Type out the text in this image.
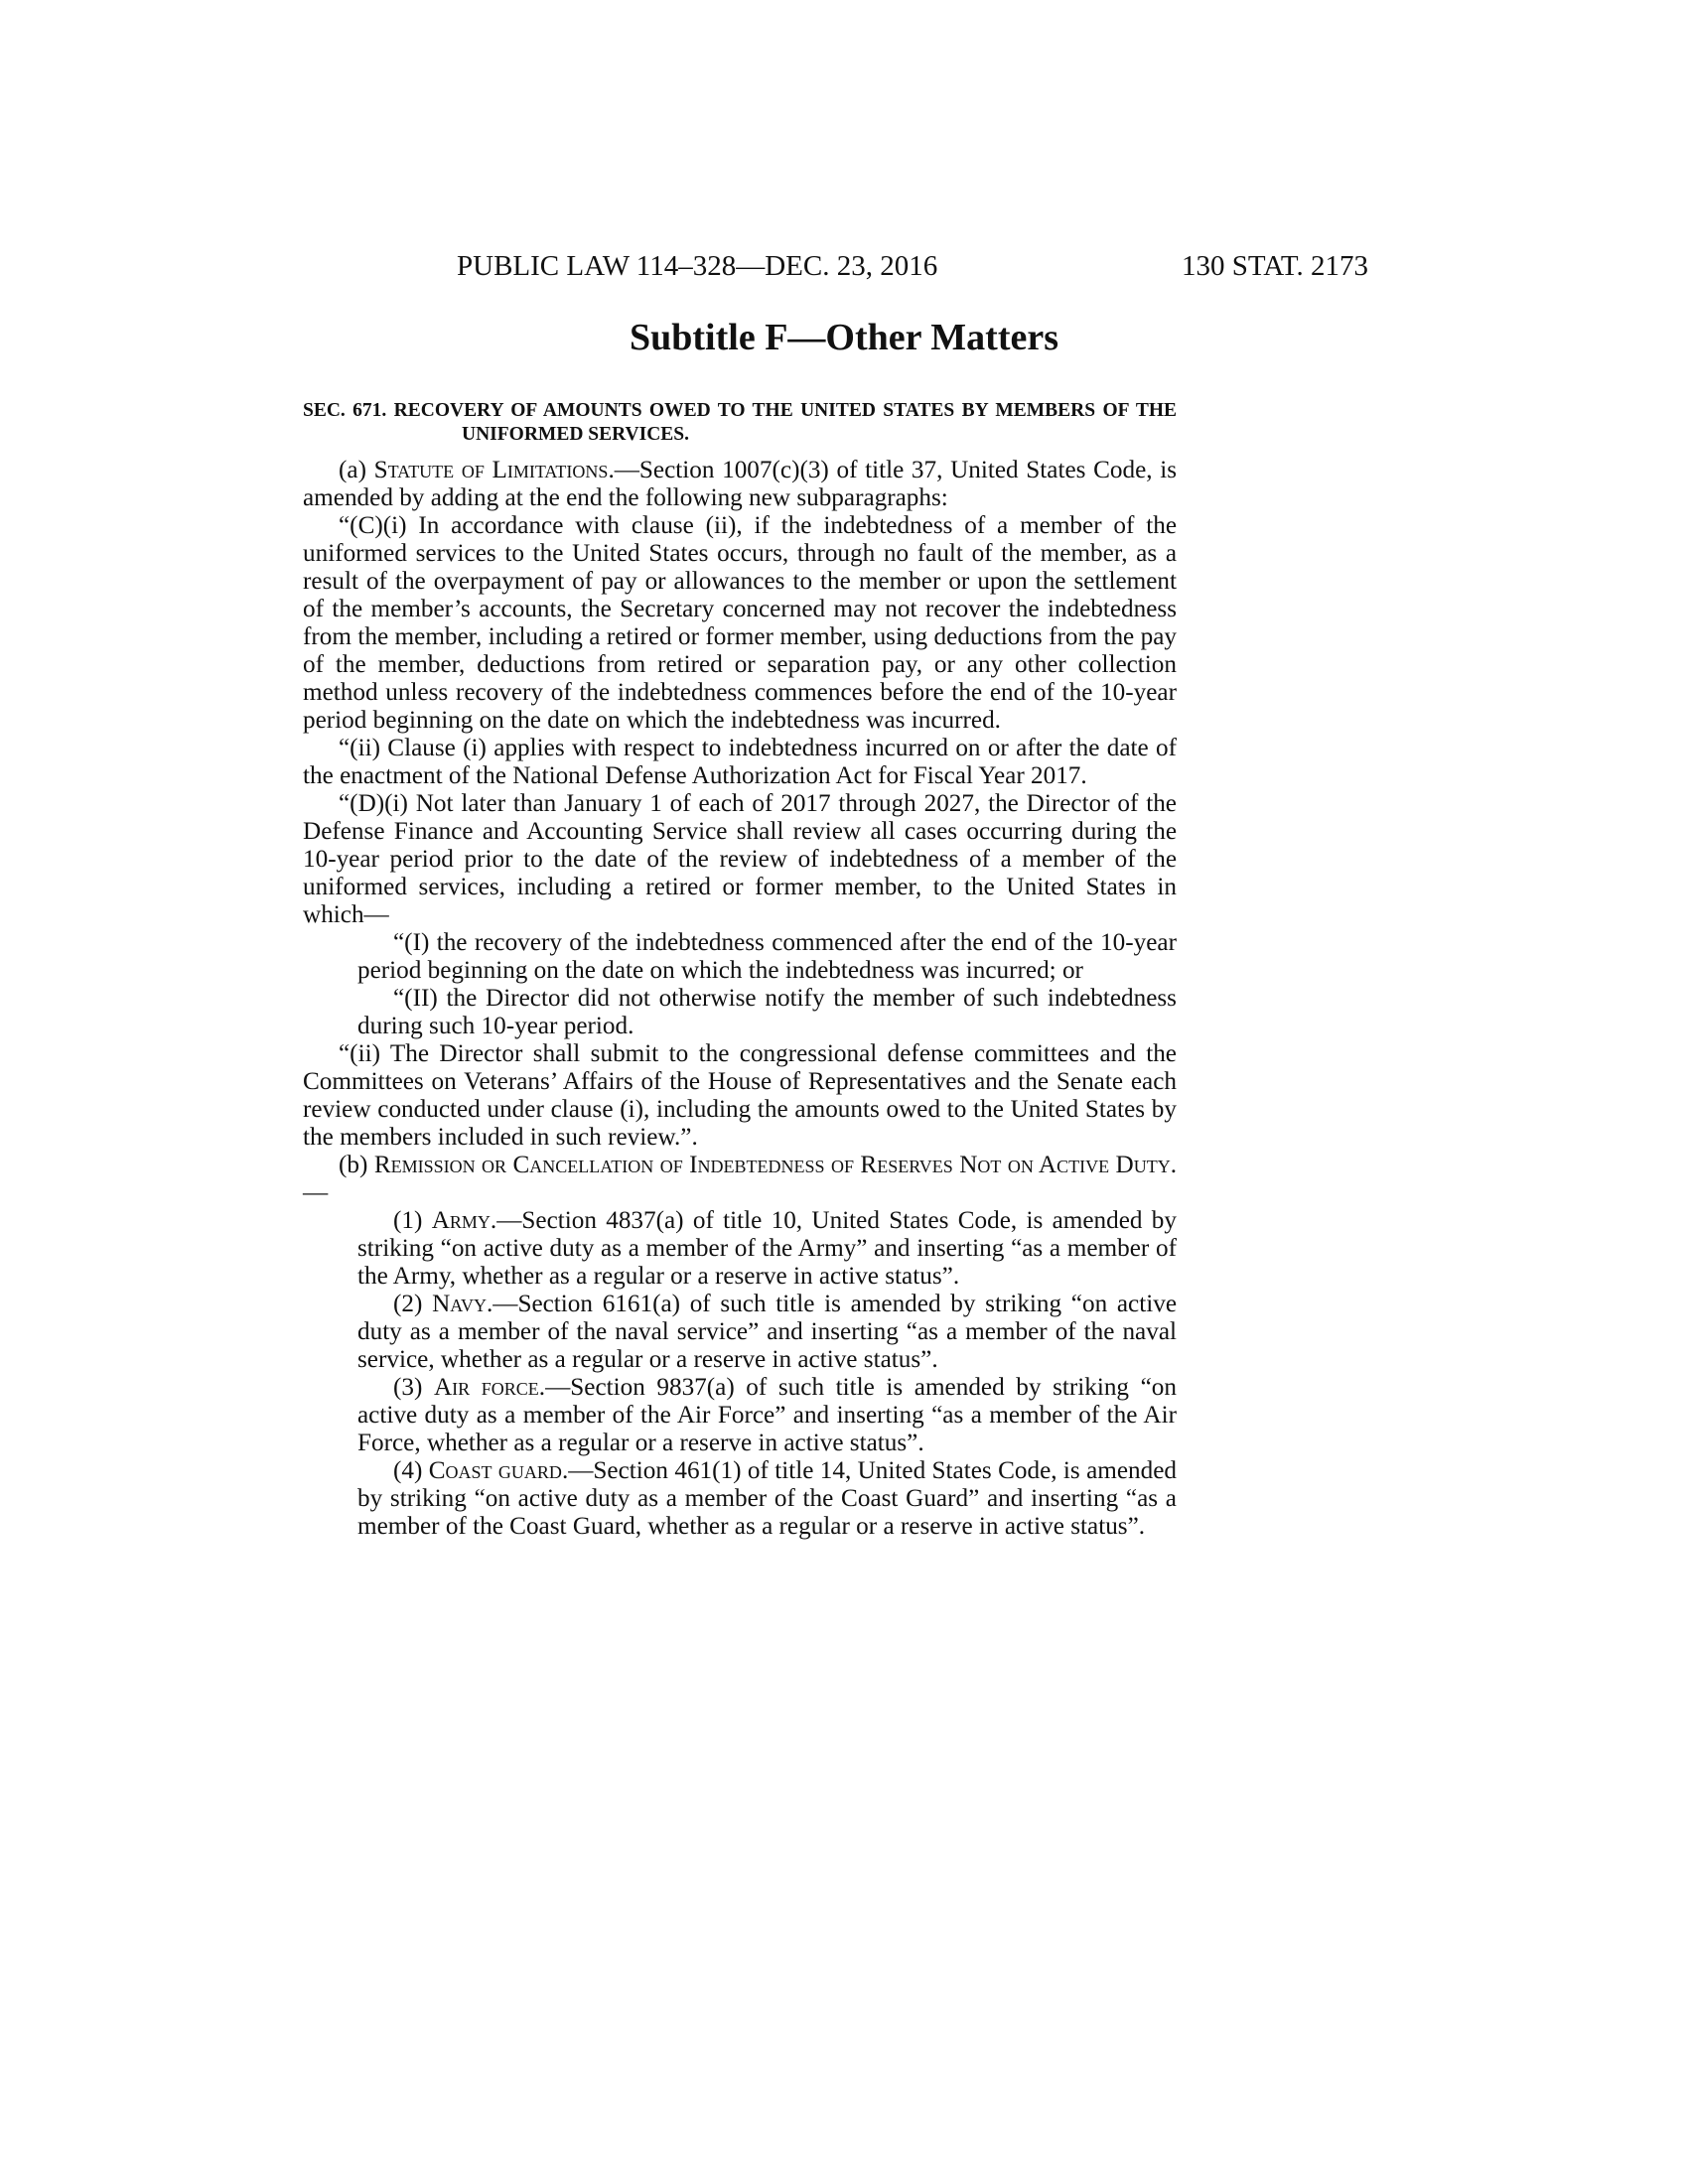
PUBLIC LAW 114–328—DEC. 23, 2016	130 STAT. 2173
Subtitle F—Other Matters

SEC. 671. RECOVERY OF AMOUNTS OWED TO THE UNITED STATES BY MEMBERS OF THE UNIFORMED SERVICES.

(a) Statute of Limitations.—Section 1007(c)(3) of title 37, United States Code, is amended by adding at the end the following new subparagraphs:

“(C)(i) In accordance with clause (ii), if the indebtedness of a member of the uniformed services to the United States occurs, through no fault of the member, as a result of the overpayment of pay or allowances to the member or upon the settlement of the member’s accounts, the Secretary concerned may not recover the indebtedness from the member, including a retired or former member, using deductions from the pay of the member, deductions from retired or separation pay, or any other collection method unless recovery of the indebtedness commences before the end of the 10-year period beginning on the date on which the indebtedness was incurred.

“(ii) Clause (i) applies with respect to indebtedness incurred on or after the date of the enactment of the National Defense Authorization Act for Fiscal Year 2017.

“(D)(i) Not later than January 1 of each of 2017 through 2027, the Director of the Defense Finance and Accounting Service shall review all cases occurring during the 10-year period prior to the date of the review of indebtedness of a member of the uniformed services, including a retired or former member, to the United States in which—

“(I) the recovery of the indebtedness commenced after the end of the 10-year period beginning on the date on which the indebtedness was incurred; or

“(II) the Director did not otherwise notify the member of such indebtedness during such 10-year period.

“(ii) The Director shall submit to the congressional defense committees and the Committees on Veterans’ Affairs of the House of Representatives and the Senate each review conducted under clause (i), including the amounts owed to the United States by the members included in such review.”.

(b) Remission or Cancellation of Indebtedness of Reserves Not on Active Duty.—

(1) Army.—Section 4837(a) of title 10, United States Code, is amended by striking “on active duty as a member of the Army” and inserting “as a member of the Army, whether as a regular or a reserve in active status”.

(2) Navy.—Section 6161(a) of such title is amended by striking “on active duty as a member of the naval service” and inserting “as a member of the naval service, whether as a regular or a reserve in active status”.

(3) Air force.—Section 9837(a) of such title is amended by striking “on active duty as a member of the Air Force” and inserting “as a member of the Air Force, whether as a regular or a reserve in active status”.

(4) Coast guard.—Section 461(1) of title 14, United States Code, is amended by striking “on active duty as a member of the Coast Guard” and inserting “as a member of the Coast Guard, whether as a regular or a reserve in active status”.
